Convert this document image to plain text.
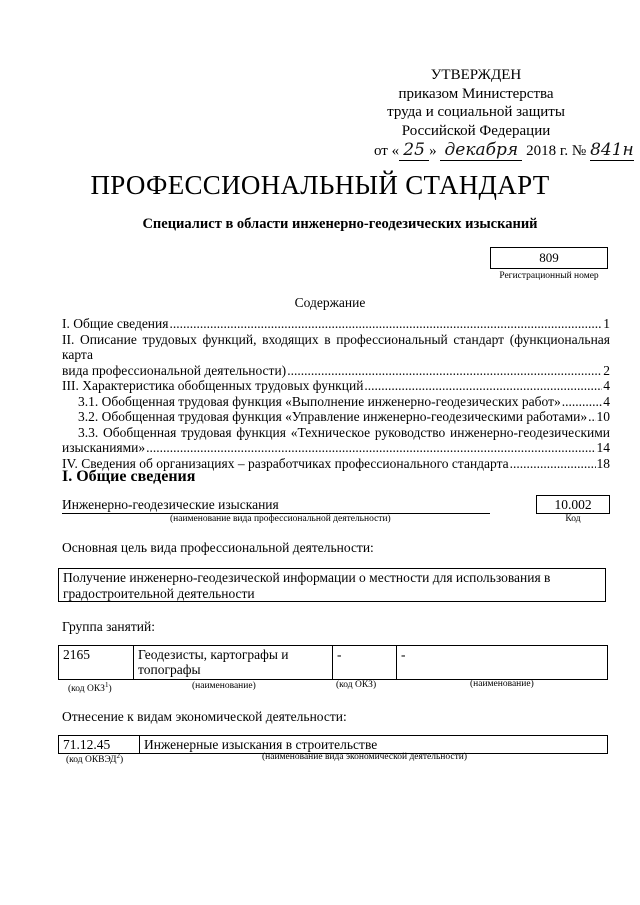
УТВЕРЖДЕН
приказом Министерства
труда и социальной защиты
Российской Федерации
от « 25 » декабря 2018 г. № 841н
ПРОФЕССИОНАЛЬНЫЙ СТАНДАРТ
Специалист в области инженерно-геодезических изысканий
809
Регистрационный номер
Содержание
I. Общие сведения .....	1
II. Описание трудовых функций, входящих в профессиональный стандарт (функциональная карта
вида профессиональной деятельности) .....	2
III. Характеристика обобщенных трудовых функций .....	4
3.1. Обобщенная трудовая функция «Выполнение инженерно-геодезических работ» .....	4
3.2. Обобщенная трудовая функция «Управление инженерно-геодезическими работами» ..... 10
3.3. Обобщенная трудовая функция «Техническое руководство инженерно-геодезическими
изысканиями» .....	14
IV. Сведения об организациях – разработчиках профессионального стандарта .....	18
I. Общие сведения
Инженерно-геодезические изыскания
(наименование вида профессиональной деятельности)
10.002
Код
Основная цель вида профессиональной деятельности:
Получение инженерно-геодезической информации о местности для использования в
градостроительной деятельности
Группа занятий:
2165	Геодезисты, картографы и топографы	-	-
(код ОКЗ$^1$)	(наименование)	(код ОКЗ)	(наименование)
Отнесение к видам экономической деятельности:
71.12.45	Инженерные изыскания в строительстве
(код ОКВЭД$^2$)	(наименование вида экономической деятельности)
